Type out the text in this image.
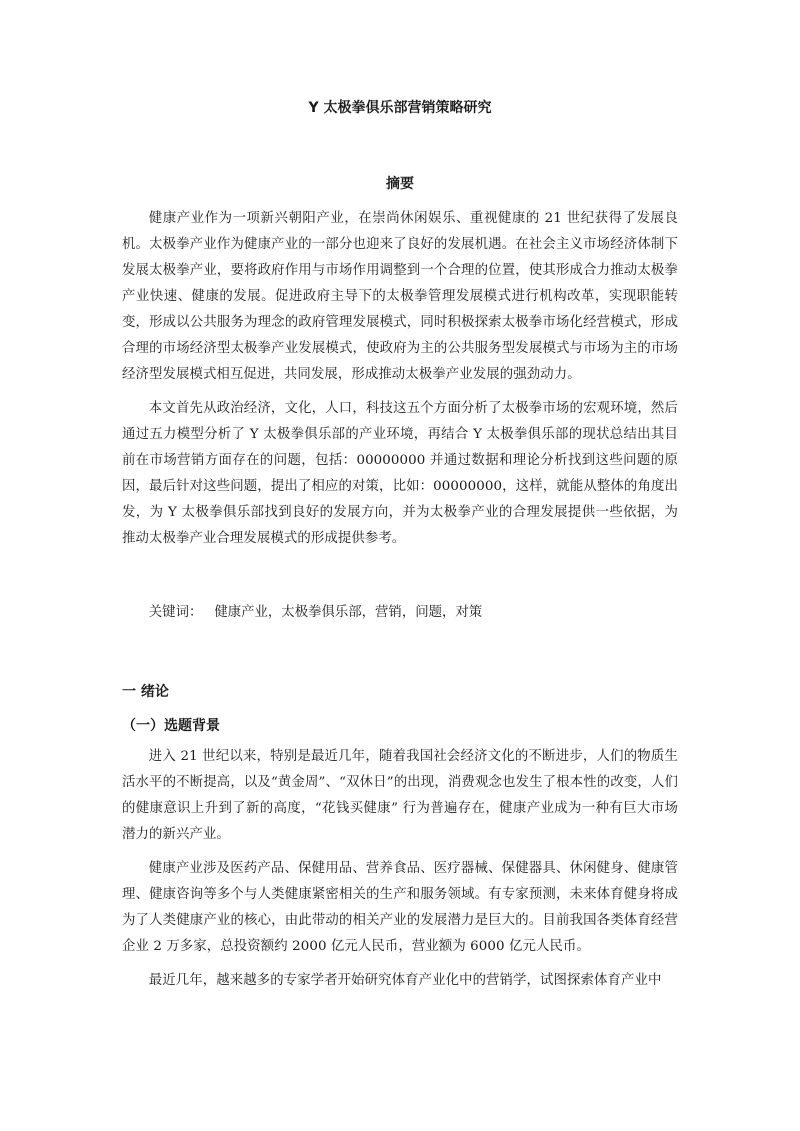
Y 太极拳俱乐部营销策略研究
摘要

健康产业作为一项新兴朝阳产业，在崇尚休闲娱乐、重视健康的 21 世纪获得了发展良机。太极拳产业作为健康产业的一部分也迎来了良好的发展机遇。在社会主义市场经济体制下发展太极拳产业，要将政府作用与市场作用调整到一个合理的位置，使其形成合力推动太极拳产业快速、健康的发展。促进政府主导下的太极拳管理发展模式进行机构改革，实现职能转变，形成以公共服务为理念的政府管理发展模式，同时积极探索太极拳市场化经营模式，形成合理的市场经济型太极拳产业发展模式，使政府为主的公共服务型发展模式与市场为主的市场经济型发展模式相互促进，共同发展，形成推动太极拳产业发展的强劲动力。

本文首先从政治经济，文化，人口，科技这五个方面分析了太极拳市场的宏观环境，然后通过五力模型分析了 Y 太极拳俱乐部的产业环境，再结合 Y 太极拳俱乐部的现状总结出其目前在市场营销方面存在的问题，包括：00000000 并通过数据和理论分析找到这些问题的原因，最后针对这些问题，提出了相应的对策，比如：00000000，这样，就能从整体的角度出发，为 Y 太极拳俱乐部找到良好的发展方向，并为太极拳产业的合理发展提供一些依据，为推动太极拳产业合理发展模式的形成提供参考。

关键词： 健康产业，太极拳俱乐部，营销，问题，对策

一 绪论
（一）选题背景

进入 21 世纪以来，特别是最近几年，随着我国社会经济文化的不断进步，人们的物质生活水平的不断提高，以及“黄金周”、“双休日”的出现，消费观念也发生了根本性的改变，人们的健康意识上升到了新的高度，“花钱买健康” 行为普遍存在，健康产业成为一种有巨大市场潜力的新兴产业。

健康产业涉及医药产品、保健用品、营养食品、医疗器械、保健器具、休闲健身、健康管理、健康咨询等多个与人类健康紧密相关的生产和服务领域。有专家预测，未来体育健身将成为了人类健康产业的核心，由此带动的相关产业的发展潜力是巨大的。目前我国各类体育经营企业 2 万多家，总投资额约 2000 亿元人民币，营业额为 6000 亿元人民币。

最近几年，越来越多的专家学者开始研究体育产业化中的营销学，试图探索体育产业中
